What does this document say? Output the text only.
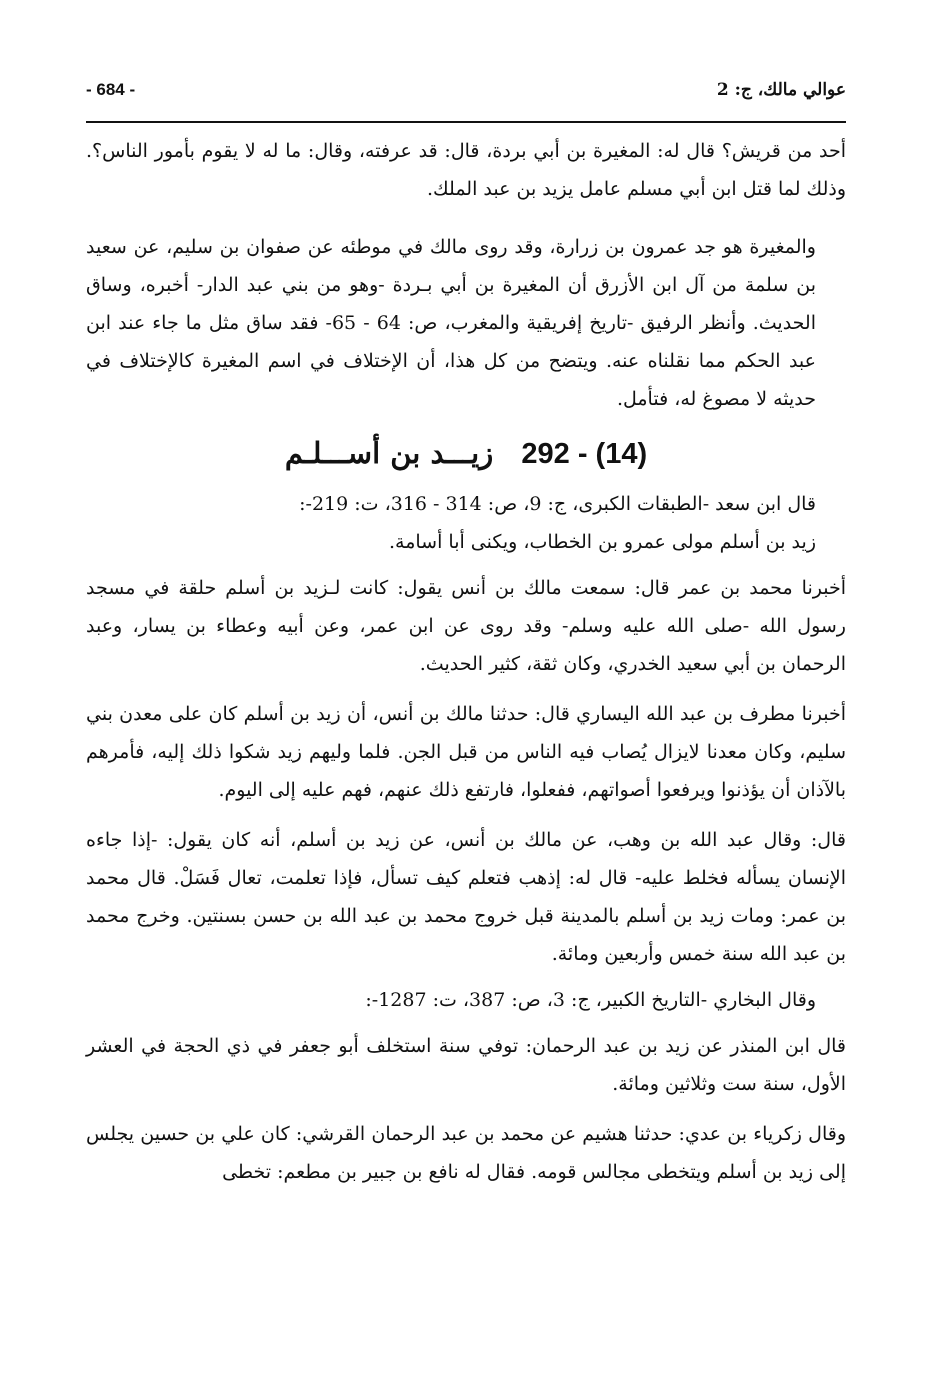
عوالي مالك، ج: 2
- 684 -

أحد من قريش؟ قال له: المغيرة بن أبي بردة، قال: قد عرفته، وقال: ما له لا يقوم بأمور الناس؟. وذلك لما قتل ابن أبي مسلم عامل يزيد بن عبد الملك.

والمغيرة هو جد عمرون بن زرارة، وقد روى مالك في موطئه عن صفوان بن سليم، عن سعيد بن سلمة من آل ابن الأزرق أن المغيرة بن أبي بـردة -وهو من بني عبد الدار- أخبره، وساق الحديث. وأنظر الرفيق -تاريخ إفريقية والمغرب، ص: 64 - 65- فقد ساق مثل ما جاء عند ابن عبد الحكم مما نقلناه عنه. ويتضح من كل هذا، أن الإختلاف في اسم المغيرة كالإختلاف في حديثه لا مصوغ له، فتأمل.

292 - (14) زيـــد بن أســـلـم

قال ابن سعد -الطبقات الكبرى، ج: 9، ص: 314 - 316، ت: 219-:

زيد بن أسلم مولى عمرو بن الخطاب، ويكنى أبا أسامة.

أخبرنا محمد بن عمر قال: سمعت مالك بن أنس يقول: كانت لـزيد بن أسلم حلقة في مسجد رسول الله -صلى الله عليه وسلم- وقد روى عن ابن عمر، وعن أبيه وعطاء بن يسار، وعبد الرحمان بن أبي سعيد الخدري، وكان ثقة، كثير الحديث.

أخبرنا مطرف بن عبد الله اليساري قال: حدثنا مالك بن أنس، أن زيد بن أسلم كان على معدن بني سليم، وكان معدنا لايزال يُصاب فيه الناس من قبل الجن. فلما وليهم زيد شكوا ذلك إليه، فأمرهم بالآذان أن يؤذنوا ويرفعوا أصواتهم، ففعلوا، فارتفع ذلك عنهم، فهم عليه إلى اليوم.

قال: وقال عبد الله بن وهب، عن مالك بن أنس، عن زيد بن أسلم، أنه كان يقول: -إذا جاءه الإنسان يسأله فخلط عليه- قال له: إذهب فتعلم كيف تسأل، فإذا تعلمت، تعال فَسَلْ. قال محمد بن عمر: ومات زيد بن أسلم بالمدينة قبل خروج محمد بن عبد الله بن حسن بسنتين. وخرج محمد بن عبد الله سنة خمس وأربعين ومائة.

وقال البخاري -التاريخ الكبير، ج: 3، ص: 387، ت: 1287-:

قال ابن المنذر عن زيد بن عبد الرحمان: توفي سنة استخلف أبو جعفر في ذي الحجة في العشر الأول، سنة ست وثلاثين ومائة.

وقال زكرياء بن عدي: حدثنا هشيم عن محمد بن عبد الرحمان القرشي: كان علي بن حسين يجلس إلى زيد بن أسلم ويتخطى مجالس قومه. فقال له نافع بن جبير بن مطعم: تخطى
